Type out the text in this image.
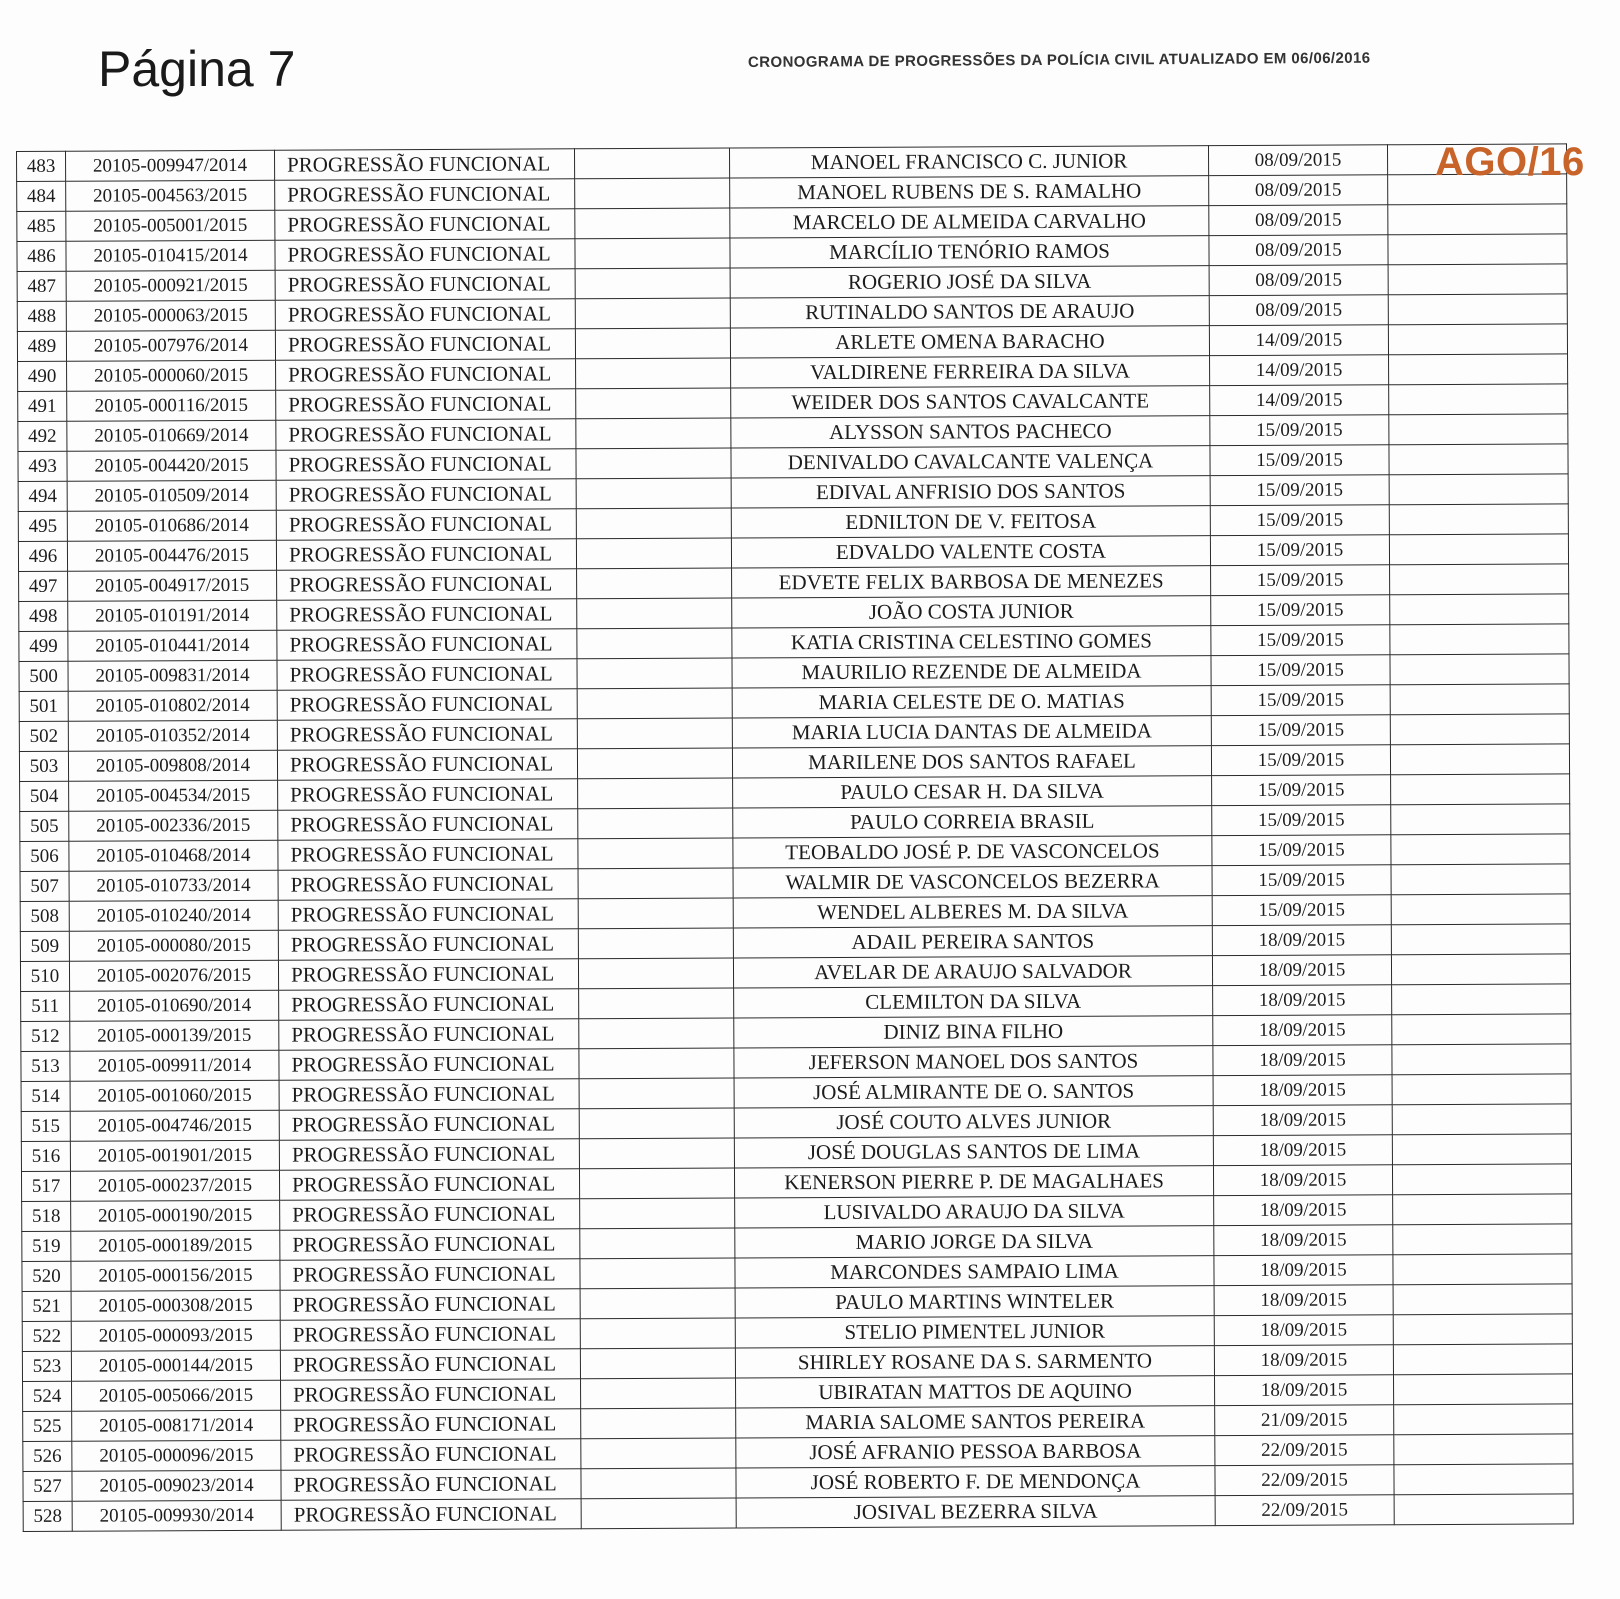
Página 7	CRONOGRAMA DE PROGRESSÕES DA POLÍCIA CIVIL ATUALIZADO EM 06/06/2016
AGO/16
483	20105-009947/2014	PROGRESSÃO FUNCIONAL		MANOEL FRANCISCO C. JUNIOR	08/09/2015	
484	20105-004563/2015	PROGRESSÃO FUNCIONAL		MANOEL RUBENS DE S. RAMALHO	08/09/2015	
485	20105-005001/2015	PROGRESSÃO FUNCIONAL		MARCELO DE ALMEIDA CARVALHO	08/09/2015	
486	20105-010415/2014	PROGRESSÃO FUNCIONAL		MARCÍLIO TENÓRIO RAMOS	08/09/2015	
487	20105-000921/2015	PROGRESSÃO FUNCIONAL		ROGERIO JOSÉ DA SILVA	08/09/2015	
488	20105-000063/2015	PROGRESSÃO FUNCIONAL		RUTINALDO SANTOS DE ARAUJO	08/09/2015	
489	20105-007976/2014	PROGRESSÃO FUNCIONAL		ARLETE OMENA BARACHO	14/09/2015	
490	20105-000060/2015	PROGRESSÃO FUNCIONAL		VALDIRENE FERREIRA DA SILVA	14/09/2015	
491	20105-000116/2015	PROGRESSÃO FUNCIONAL		WEIDER DOS SANTOS CAVALCANTE	14/09/2015	
492	20105-010669/2014	PROGRESSÃO FUNCIONAL		ALYSSON SANTOS PACHECO	15/09/2015	
493	20105-004420/2015	PROGRESSÃO FUNCIONAL		DENIVALDO CAVALCANTE VALENÇA	15/09/2015	
494	20105-010509/2014	PROGRESSÃO FUNCIONAL		EDIVAL ANFRISIO DOS SANTOS	15/09/2015	
495	20105-010686/2014	PROGRESSÃO FUNCIONAL		EDNILTON DE V. FEITOSA	15/09/2015	
496	20105-004476/2015	PROGRESSÃO FUNCIONAL		EDVALDO VALENTE COSTA	15/09/2015	
497	20105-004917/2015	PROGRESSÃO FUNCIONAL		EDVETE FELIX BARBOSA DE MENEZES	15/09/2015	
498	20105-010191/2014	PROGRESSÃO FUNCIONAL		JOÃO COSTA JUNIOR	15/09/2015	
499	20105-010441/2014	PROGRESSÃO FUNCIONAL		KATIA CRISTINA CELESTINO GOMES	15/09/2015	
500	20105-009831/2014	PROGRESSÃO FUNCIONAL		MAURILIO REZENDE DE ALMEIDA	15/09/2015	
501	20105-010802/2014	PROGRESSÃO FUNCIONAL		MARIA CELESTE DE O. MATIAS	15/09/2015	
502	20105-010352/2014	PROGRESSÃO FUNCIONAL		MARIA LUCIA DANTAS DE ALMEIDA	15/09/2015	
503	20105-009808/2014	PROGRESSÃO FUNCIONAL		MARILENE DOS SANTOS RAFAEL	15/09/2015	
504	20105-004534/2015	PROGRESSÃO FUNCIONAL		PAULO CESAR H. DA SILVA	15/09/2015	
505	20105-002336/2015	PROGRESSÃO FUNCIONAL		PAULO CORREIA BRASIL	15/09/2015	
506	20105-010468/2014	PROGRESSÃO FUNCIONAL		TEOBALDO JOSÉ P. DE VASCONCELOS	15/09/2015	
507	20105-010733/2014	PROGRESSÃO FUNCIONAL		WALMIR DE VASCONCELOS BEZERRA	15/09/2015	
508	20105-010240/2014	PROGRESSÃO FUNCIONAL		WENDEL ALBERES M. DA SILVA	15/09/2015	
509	20105-000080/2015	PROGRESSÃO FUNCIONAL		ADAIL PEREIRA SANTOS	18/09/2015	
510	20105-002076/2015	PROGRESSÃO FUNCIONAL		AVELAR DE ARAUJO SALVADOR	18/09/2015	
511	20105-010690/2014	PROGRESSÃO FUNCIONAL		CLEMILTON DA SILVA	18/09/2015	
512	20105-000139/2015	PROGRESSÃO FUNCIONAL		DINIZ BINA FILHO	18/09/2015	
513	20105-009911/2014	PROGRESSÃO FUNCIONAL		JEFERSON MANOEL DOS SANTOS	18/09/2015	
514	20105-001060/2015	PROGRESSÃO FUNCIONAL		JOSÉ ALMIRANTE DE O. SANTOS	18/09/2015	
515	20105-004746/2015	PROGRESSÃO FUNCIONAL		JOSÉ COUTO ALVES JUNIOR	18/09/2015	
516	20105-001901/2015	PROGRESSÃO FUNCIONAL		JOSÉ DOUGLAS SANTOS DE LIMA	18/09/2015	
517	20105-000237/2015	PROGRESSÃO FUNCIONAL		KENERSON PIERRE P. DE MAGALHAES	18/09/2015	
518	20105-000190/2015	PROGRESSÃO FUNCIONAL		LUSIVALDO ARAUJO DA SILVA	18/09/2015	
519	20105-000189/2015	PROGRESSÃO FUNCIONAL		MARIO JORGE DA SILVA	18/09/2015	
520	20105-000156/2015	PROGRESSÃO FUNCIONAL		MARCONDES SAMPAIO LIMA	18/09/2015	
521	20105-000308/2015	PROGRESSÃO FUNCIONAL		PAULO MARTINS WINTELER	18/09/2015	
522	20105-000093/2015	PROGRESSÃO FUNCIONAL		STELIO PIMENTEL JUNIOR	18/09/2015	
523	20105-000144/2015	PROGRESSÃO FUNCIONAL		SHIRLEY ROSANE DA S. SARMENTO	18/09/2015	
524	20105-005066/2015	PROGRESSÃO FUNCIONAL		UBIRATAN MATTOS DE AQUINO	18/09/2015	
525	20105-008171/2014	PROGRESSÃO FUNCIONAL		MARIA SALOME SANTOS PEREIRA	21/09/2015	
526	20105-000096/2015	PROGRESSÃO FUNCIONAL		JOSÉ AFRANIO PESSOA BARBOSA	22/09/2015	
527	20105-009023/2014	PROGRESSÃO FUNCIONAL		JOSÉ ROBERTO F. DE MENDONÇA	22/09/2015	
528	20105-009930/2014	PROGRESSÃO FUNCIONAL		JOSIVAL BEZERRA SILVA	22/09/2015	
